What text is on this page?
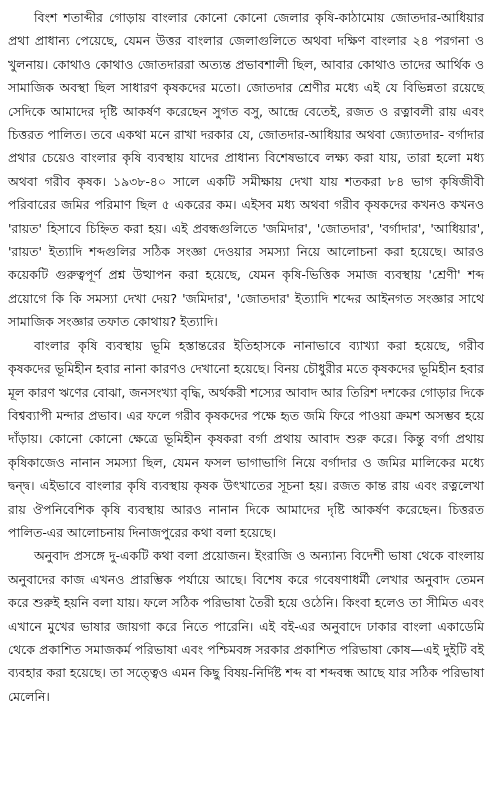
বিংশ শতাব্দীর গোড়ায় বাংলার কোনো কোনো জেলার কৃষি-কাঠামোয় জোতদার-আধিয়ার প্রথা প্রাধান্য পেয়েছে, যেমন উত্তর বাংলার জেলাগুলিতে অথবা দক্ষিণ বাংলার ২৪ পরগনা ও খুলনায়। কোথাও কোথাও জোতদাররা অত্যন্ত প্রভাবশালী ছিল, আবার কোথাও তাদের আর্থিক ও সামাজিক অবস্থা ছিল সাধারণ কৃষকদের মতো। জোতদার শ্রেণীর মধ্যে এই যে বিভিন্নতা রয়েছে সেদিকে আমাদের দৃষ্টি আকর্ষণ করেছেন সুগত বসু, আন্দ্রে বেতেই, রজত ও রত্নাবলী রায় এবং চিত্তরত পালিত। তবে একথা মনে রাখা দরকার যে, জোতদার-আধিয়ার অথবা জ্যোতদার- বর্গাদার প্রথার চেয়েও বাংলার কৃষি ব্যবস্থায় যাদের প্রাধান্য বিশেষভাবে লক্ষ্য করা যায়, তারা হলো মধ্য অথবা গরীব কৃষক। ১৯৩৮-৪০ সালে একটি সমীক্ষায় দেখা যায় শতকরা ৮৪ ভাগ কৃষিজীবী পরিবারের জমির পরিমাণ ছিল ৫ একরের কম। এইসব মধ্য অথবা গরীব কৃষকদের কখনও কখনও 'রায়ত' হিসাবে চিহ্নিত করা হয়। এই প্রবন্ধগুলিতে 'জমিদার', 'জোতদার', 'বর্গাদার', 'আধিয়ার', 'রায়ত' ইত্যাদি শব্দগুলির সঠিক সংজ্ঞা দেওয়ার সমস্যা নিয়ে আলোচনা করা হয়েছে। আরও কয়েকটি গুরুত্বপূর্ণ প্রশ্ন উত্থাপন করা হয়েছে, যেমন কৃষি-ভিত্তিক সমাজ ব্যবস্থায় 'শ্রেণী' শব্দ প্রয়োগে কি কি সমস্যা দেখা দেয়? 'জমিদার', 'জোতদার' ইত্যাদি শব্দের আইনগত সংজ্ঞার সাথে সামাজিক সংজ্ঞার তফাত কোথায়? ইত্যাদি।

বাংলার কৃষি ব্যবস্থায় ভূমি হস্তান্তরের ইতিহাসকে নানাভাবে ব্যাখ্যা করা হয়েছে, গরীব কৃষকদের ভূমিহীন হবার নানা কারণও দেখানো হয়েছে। বিনয় চৌধুরীর মতে কৃষকদের ভূমিহীন হবার মূল কারণ ঋণের বোঝা, জনসংখ্যা বৃদ্ধি, অর্থকরী শস্যের আবাদ আর তিরিশ দশকের গোড়ার দিকে বিশ্বব্যাপী মন্দার প্রভাব। এর ফলে গরীব কৃষকদের পক্ষে হৃত জমি ফিরে পাওয়া ক্রমশ অসম্ভব হয়ে দাঁড়ায়। কোনো কোনো ক্ষেত্রে ভূমিহীন কৃষকরা বর্গা প্রথায় আবাদ শুরু করে। কিন্তু বর্গা প্রথায় কৃষিকাজেও নানান সমস্যা ছিল, যেমন ফসল ভাগাভাগি নিয়ে বর্গাদার ও জমির মালিকের মধ্যে দ্বন্দ্ব। এইভাবে বাংলার কৃষি ব্যবস্থায় কৃষক উৎখাতের সূচনা হয়। রজত কান্ত রায় এবং রত্নলেখা রায় ঔপনিবেশিক কৃষি ব্যবস্থায় আরও নানান দিকে আমাদের দৃষ্টি আকর্ষণ করেছেন। চিত্তরত পালিত-এর আলোচনায় দিনাজপুরের কথা বলা হয়েছে।

অনুবাদ প্রসঙ্গে দু-একটি কথা বলা প্রয়োজন। ইংরাজি ও অন্যান্য বিদেশী ভাষা থেকে বাংলায় অনুবাদের কাজ এখনও প্রারম্ভিক পর্যায়ে আছে। বিশেষ করে গবেষণাধর্মী লেখার অনুবাদ তেমন করে শুরুই হয়নি বলা যায়। ফলে সঠিক পরিভাষা তৈরী হয়ে ওঠেনি। কিংবা হলেও তা সীমিত এবং এখানে মুখের ভাষার জায়গা করে নিতে পারেনি। এই বই-এর অনুবাদে ঢাকার বাংলা একাডেমি থেকে প্রকাশিত সমাজকর্ম পরিভাষা এবং পশ্চিমবঙ্গ সরকার প্রকাশিত পরিভাষা কোষ—এই দুইটি বই ব্যবহার করা হয়েছে। তা সত্ত্বেও এমন কিছু বিষয়-নির্দিষ্ট শব্দ বা শব্দবন্ধ আছে যার সঠিক পরিভাষা মেলেনি।
